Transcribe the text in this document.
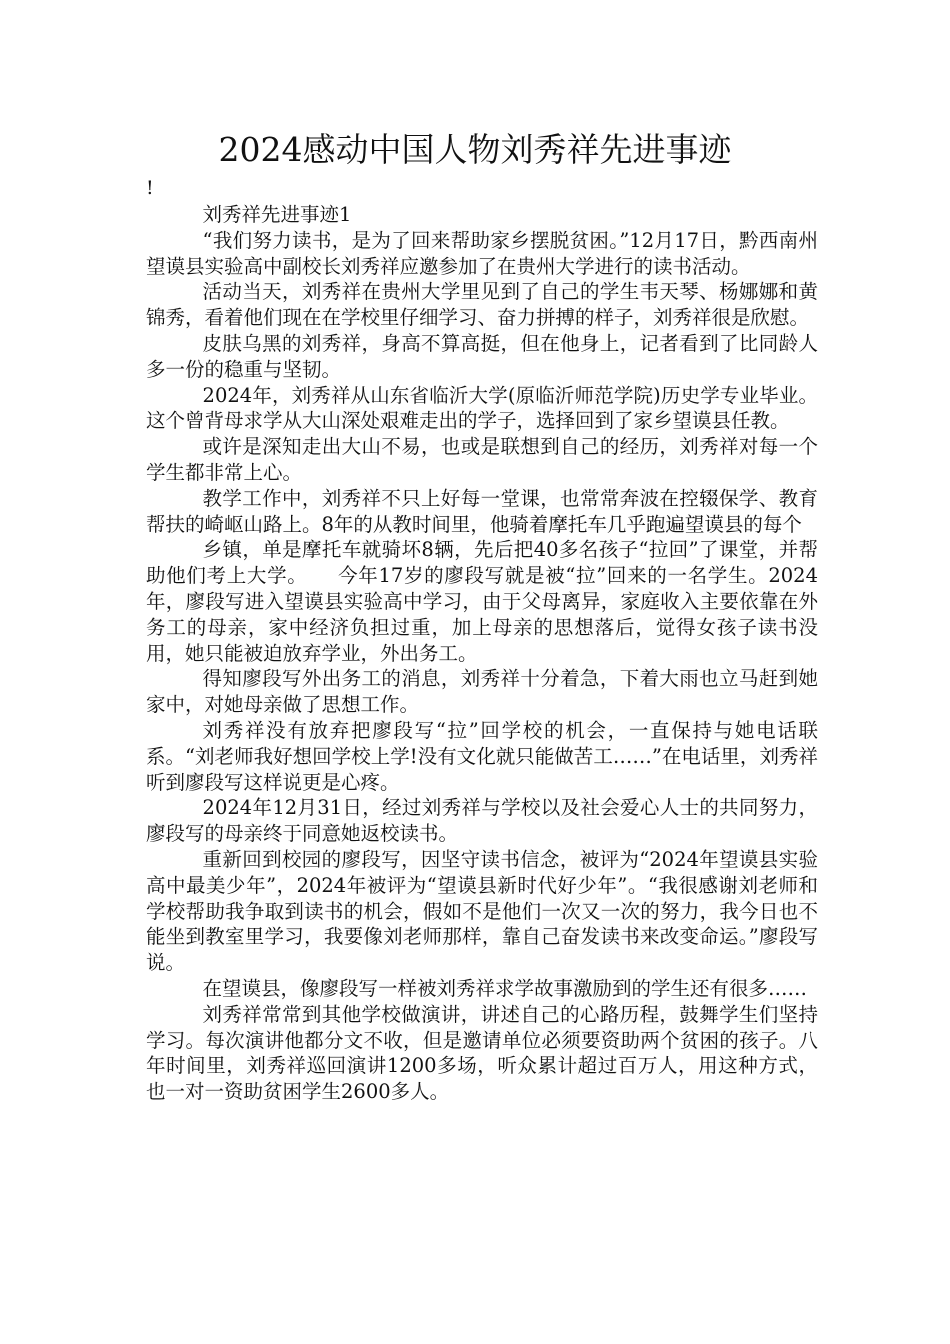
2024感动中国人物刘秀祥先进事迹
!

刘秀祥先进事迹1

“我们努力读书，是为了回来帮助家乡摆脱贫困。”12月17日，黔西南州望谟县实验高中副校长刘秀祥应邀参加了在贵州大学进行的读书活动。

活动当天，刘秀祥在贵州大学里见到了自己的学生韦天琴、杨娜娜和黄锦秀，看着他们现在在学校里仔细学习、奋力拼搏的样子，刘秀祥很是欣慰。

皮肤乌黑的刘秀祥，身高不算高挺，但在他身上，记者看到了比同龄人多一份的稳重与坚韧。

2024年，刘秀祥从山东省临沂大学(原临沂师范学院)历史学专业毕业。这个曾背母求学从大山深处艰难走出的学子，选择回到了家乡望谟县任教。

或许是深知走出大山不易，也或是联想到自己的经历，刘秀祥对每一个学生都非常上心。

教学工作中，刘秀祥不只上好每一堂课，也常常奔波在控辍保学、教育帮扶的崎岖山路上。8年的从教时间里，他骑着摩托车几乎跑遍望谟县的每个

乡镇，单是摩托车就骑坏8辆，先后把40多名孩子“拉回”了课堂，并帮助他们考上大学。　　今年17岁的廖段写就是被“拉”回来的一名学生。2024年，廖段写进入望谟县实验高中学习，由于父母离异，家庭收入主要依靠在外务工的母亲，家中经济负担过重，加上母亲的思想落后，觉得女孩子读书没用，她只能被迫放弃学业，外出务工。

得知廖段写外出务工的消息，刘秀祥十分着急，下着大雨也立马赶到她家中，对她母亲做了思想工作。

刘秀祥没有放弃把廖段写“拉”回学校的机会，一直保持与她电话联系。“刘老师我好想回学校上学!没有文化就只能做苦工……”在电话里，刘秀祥听到廖段写这样说更是心疼。

2024年12月31日，经过刘秀祥与学校以及社会爱心人士的共同努力，廖段写的母亲终于同意她返校读书。

重新回到校园的廖段写，因坚守读书信念，被评为“2024年望谟县实验高中最美少年”，2024年被评为“望谟县新时代好少年”。“我很感谢刘老师和学校帮助我争取到读书的机会，假如不是他们一次又一次的努力，我今日也不能坐到教室里学习，我要像刘老师那样，靠自己奋发读书来改变命运。”廖段写说。

在望谟县，像廖段写一样被刘秀祥求学故事激励到的学生还有很多……

刘秀祥常常到其他学校做演讲，讲述自己的心路历程，鼓舞学生们坚持学习。每次演讲他都分文不收，但是邀请单位必须要资助两个贫困的孩子。八年时间里，刘秀祥巡回演讲1200多场，听众累计超过百万人，用这种方式，也一对一资助贫困学生2600多人。
